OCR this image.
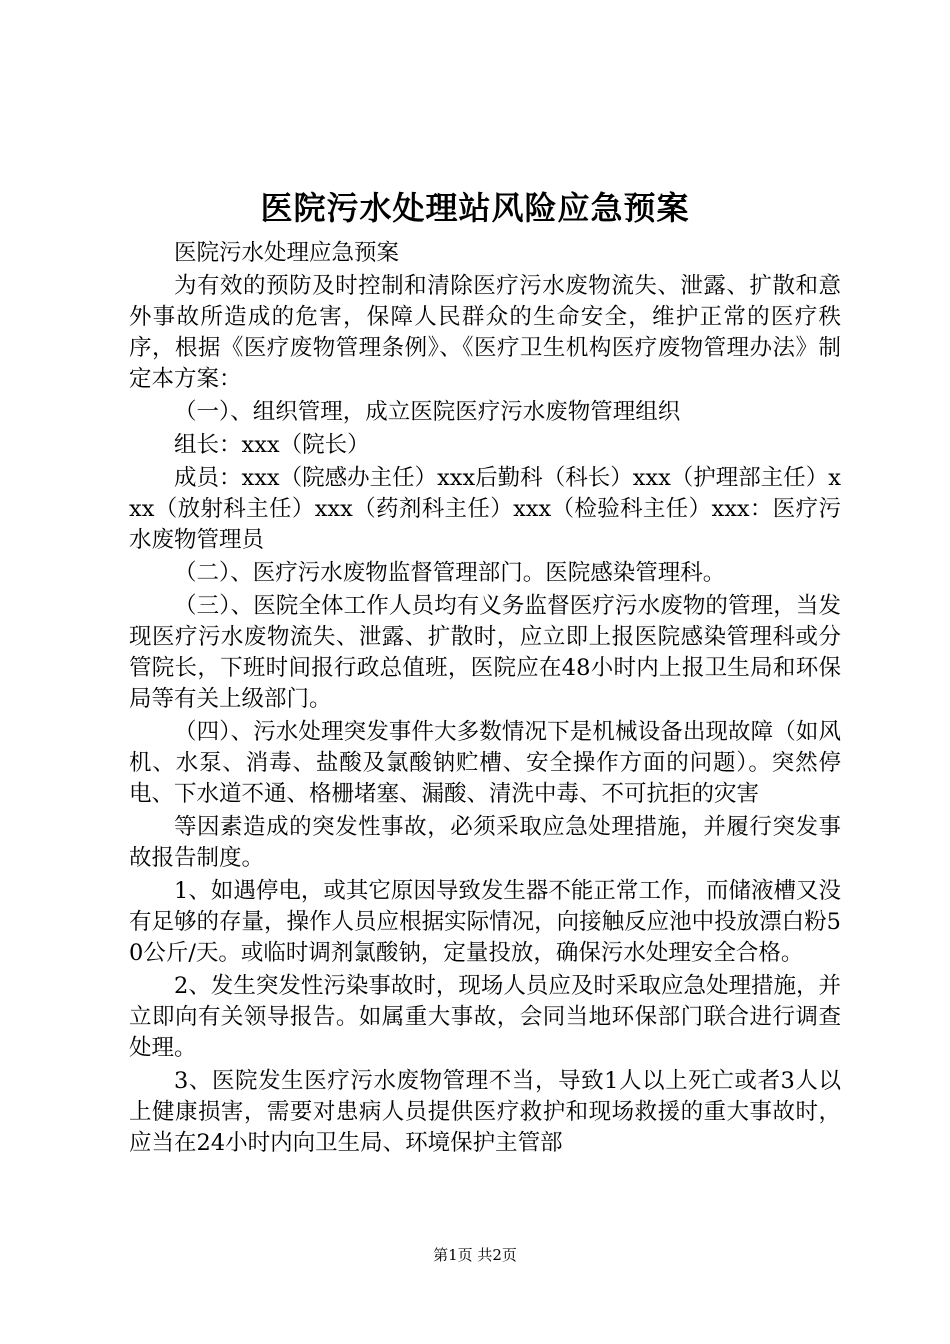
医院污水处理站风险应急预案

医院污水处理应急预案

为有效的预防及时控制和清除医疗污水废物流失、泄露、扩散和意外事故所造成的危害，保障人民群众的生命安全，维护正常的医疗秩序，根据《医疗废物管理条例》、《医疗卫生机构医疗废物管理办法》制定本方案：

（一）、组织管理，成立医院医疗污水废物管理组织

组长：xxx（院长）

成员：xxx（院感办主任）xxx后勤科（科长）xxx（护理部主任）xxx（放射科主任）xxx（药剂科主任）xxx（检验科主任）xxx：医疗污水废物管理员

（二）、医疗污水废物监督管理部门。医院感染管理科。

（三）、医院全体工作人员均有义务监督医疗污水废物的管理，当发现医疗污水废物流失、泄露、扩散时，应立即上报医院感染管理科或分管院长，下班时间报行政总值班，医院应在48小时内上报卫生局和环保局等有关上级部门。

（四）、污水处理突发事件大多数情况下是机械设备出现故障（如风机、水泵、消毒、盐酸及氯酸钠贮槽、安全操作方面的问题）。突然停电、下水道不通、格栅堵塞、漏酸、清洗中毒、不可抗拒的灾害

等因素造成的突发性事故，必须采取应急处理措施，并履行突发事故报告制度。

1、如遇停电，或其它原因导致发生器不能正常工作，而储液槽又没有足够的存量，操作人员应根据实际情况，向接触反应池中投放漂白粉50公斤/天。或临时调剂氯酸钠，定量投放，确保污水处理安全合格。

2、发生突发性污染事故时，现场人员应及时采取应急处理措施，并立即向有关领导报告。如属重大事故，会同当地环保部门联合进行调查处理。

3、医院发生医疗污水废物管理不当，导致1人以上死亡或者3人以上健康损害，需要对患病人员提供医疗救护和现场救援的重大事故时，应当在24小时内向卫生局、环境保护主管部

第1页 共2页
